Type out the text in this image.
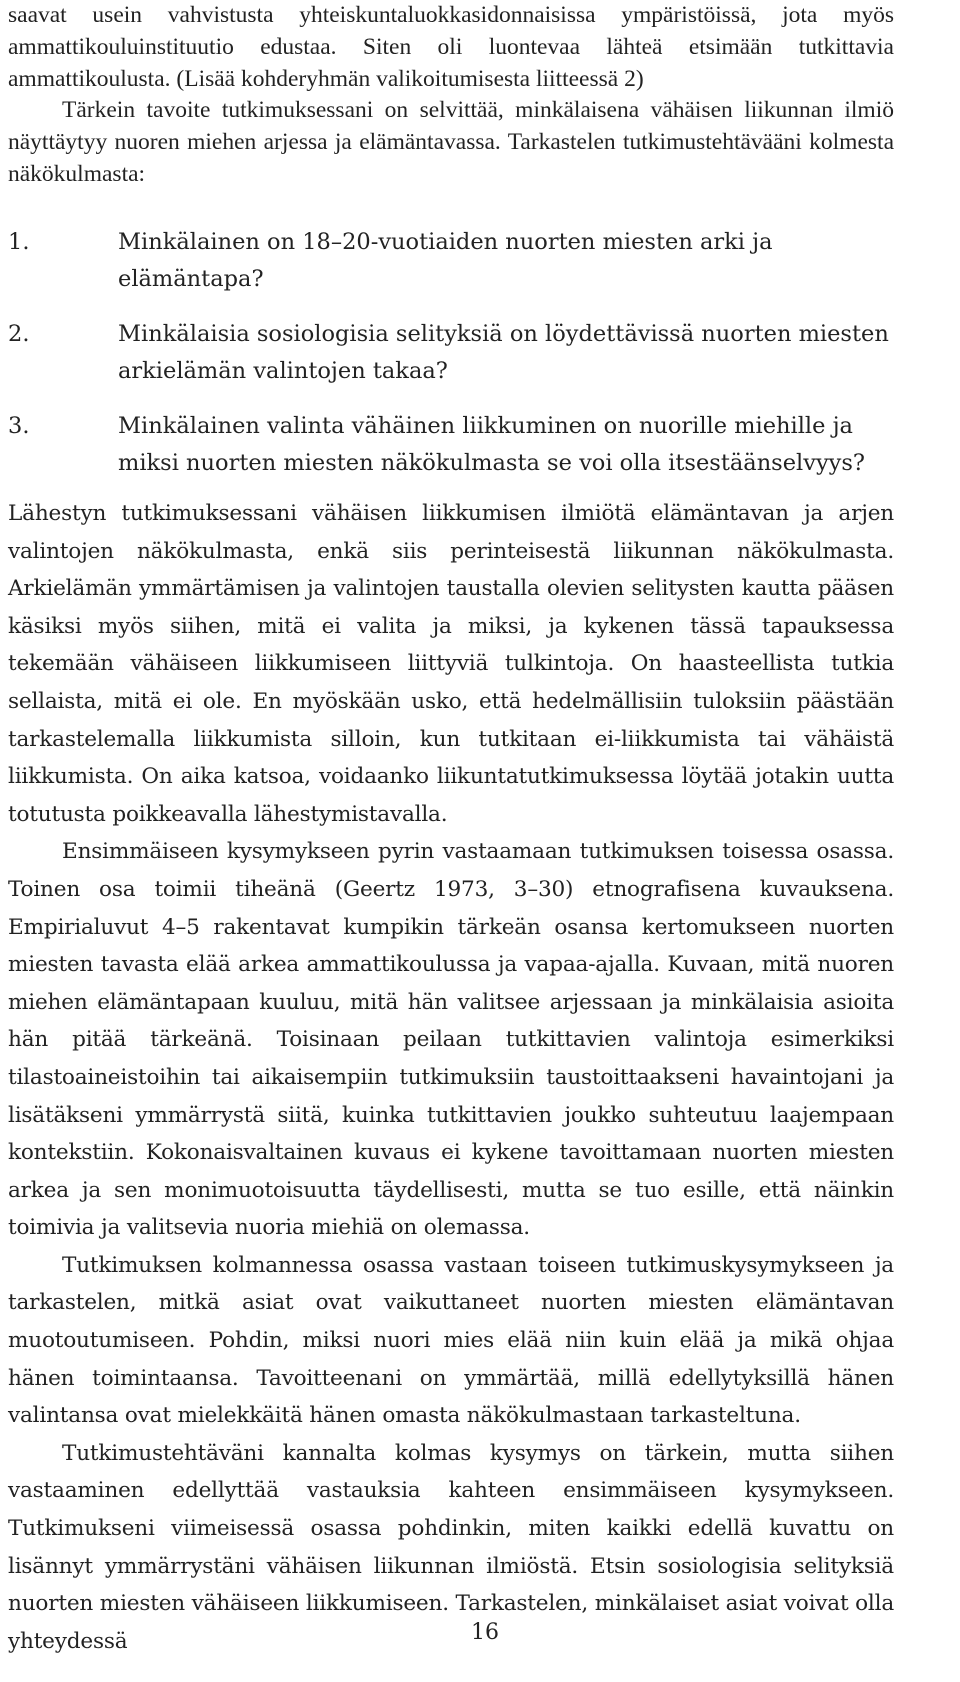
saavat usein vahvistusta yhteiskuntaluokkasidonnaisissa ympäristöissä, jota myös ammattikouluinstituutio edustaa. Siten oli luontevaa lähteä etsimään tutkittavia ammattikoulusta. (Lisää kohderyhmän valikoitumisesta liitteessä 2)

Tärkein tavoite tutkimuksessani on selvittää, minkälaisena vähäisen liikunnan ilmiö näyttäytyy nuoren miehen arjessa ja elämäntavassa. Tarkastelen tutkimustehtävääni kolmesta näkökulmasta:

1.	Minkälainen on 18–20-vuotiaiden nuorten miesten arki ja elämäntapa?
2.	Minkälaisia sosiologisia selityksiä on löydettävissä nuorten miesten arkielämän valintojen takaa?
3.	Minkälainen valinta vähäinen liikkuminen on nuorille miehille ja miksi nuorten miesten näkökulmasta se voi olla itsestäänselvyys?

Lähestyn tutkimuksessani vähäisen liikkumisen ilmiötä elämäntavan ja arjen valintojen näkökulmasta, enkä siis perinteisestä liikunnan näkökulmasta. Arkielämän ymmärtämisen ja valintojen taustalla olevien selitysten kautta pääsen käsiksi myös siihen, mitä ei valita ja miksi, ja kykenen tässä tapauksessa tekemään vähäiseen liikkumiseen liittyviä tulkintoja. On haasteellista tutkia sellaista, mitä ei ole. En myöskään usko, että hedelmällisiin tuloksiin päästään tarkastelemalla liikkumista silloin, kun tutkitaan ei-liikkumista tai vähäistä liikkumista. On aika katsoa, voidaanko liikuntatutkimuksessa löytää jotakin uutta totutusta poikkeavalla lähestymistavalla.

Ensimmäiseen kysymykseen pyrin vastaamaan tutkimuksen toisessa osassa. Toinen osa toimii tiheänä (Geertz 1973, 3–30) etnografisena kuvauksena. Empirialuvut 4–5 rakentavat kumpikin tärkeän osansa kertomukseen nuorten miesten tavasta elää arkea ammattikoulussa ja vapaa-ajalla. Kuvaan, mitä nuoren miehen elämäntapaan kuuluu, mitä hän valitsee arjessaan ja minkälaisia asioita hän pitää tärkeänä. Toisinaan peilaan tutkittavien valintoja esimerkiksi tilastoaineistoihin tai aikaisempiin tutkimuksiin taustoittaakseni havaintojani ja lisätäkseni ymmärrystä siitä, kuinka tutkittavien joukko suhteutuu laajempaan kontekstiin. Kokonaisvaltainen kuvaus ei kykene tavoittamaan nuorten miesten arkea ja sen monimuotoisuutta täydellisesti, mutta se tuo esille, että näinkin toimivia ja valitsevia nuoria miehiä on olemassa.

Tutkimuksen kolmannessa osassa vastaan toiseen tutkimuskysymykseen ja tarkastelen, mitkä asiat ovat vaikuttaneet nuorten miesten elämäntavan muotoutumiseen. Pohdin, miksi nuori mies elää niin kuin elää ja mikä ohjaa hänen toimintaansa. Tavoitteenani on ymmärtää, millä edellytyksillä hänen valintansa ovat mielekkäitä hänen omasta näkökulmastaan tarkasteltuna.

Tutkimustehtäväni kannalta kolmas kysymys on tärkein, mutta siihen vastaaminen edellyttää vastauksia kahteen ensimmäiseen kysymykseen. Tutkimukseni viimeisessä osassa pohdinkin, miten kaikki edellä kuvattu on lisännyt ymmärrystäni vähäisen liikunnan ilmiöstä. Etsin sosiologisia selityksiä nuorten miesten vähäiseen liikkumiseen. Tarkastelen, minkälaiset asiat voivat olla yhteydessä	16
